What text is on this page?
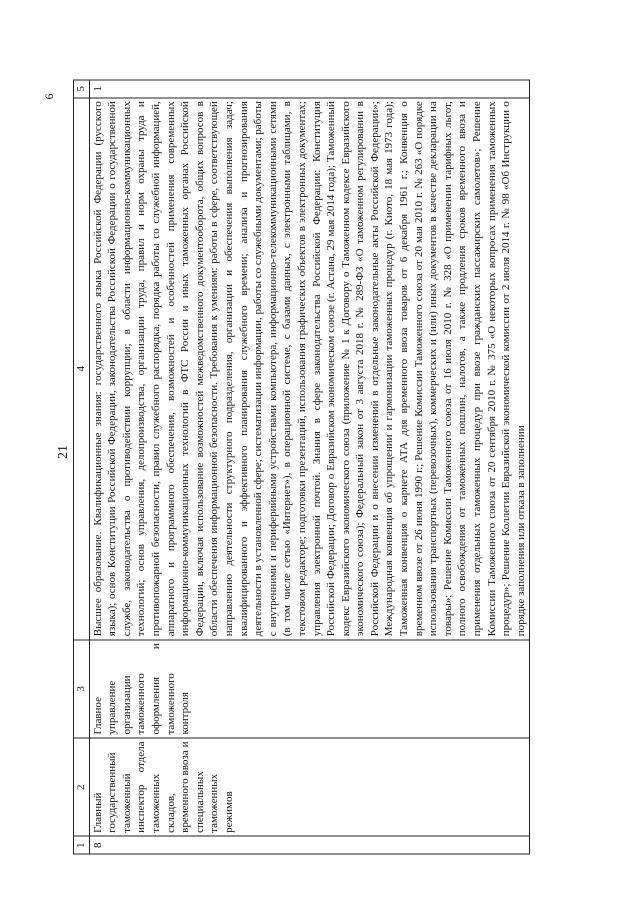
21
6
1	2	3	4	5
8	Главный государственный таможенный инспектор отдела таможенных складов, временного ввоза и специальных таможенных режимов	Главное управление организации таможенного оформления и таможенного контроля	Высшее образование. Квалификационные знания: государственного языка Российской Федерации (русского языка); основ Конституции Российской Федерации, законодательства Российской Федерации о государственной службе, законодательства о противодействии коррупции; в области информационно-коммуникационных технологий; основ управления, делопроизводства, организации труда, правил и норм охраны труда и противопожарной безопасности, правил служебного распорядка, порядка работы со служебной информацией, аппаратного и программного обеспечения, возможностей и особенностей применения современных информационно-коммуникационных технологий в ФТС России и иных таможенных органах Российской Федерации, включая использование возможностей межведомственного документооборота, общих вопросов в области обеспечения информационной безопасности. Требования к умениям: работы в сфере, соответствующей направлению деятельности структурного подразделения, организации и обеспечения выполнения задач; квалифицированного и эффективного планирования служебного времени; анализа и прогнозирования деятельности в установленной сфере; систематизации информации, работы со служебными документами; работы с внутренними и периферийными устройствами компьютера, информационно-телекоммуникационными сетями (в том числе сетью «Интернет»), в операционной системе, с базами данных, с электронными таблицами, в текстовом редакторе; подготовки презентаций, использования графических объектов в электронных документах; управления электронной почтой. Знания в сфере законодательства Российской Федерации: Конституция Российской Федерации; Договор о Евразийском экономическом союзе (г. Астана, 29 мая 2014 года); Таможенный кодекс Евразийского экономического союза (приложение № 1 к Договору о Таможенном кодексе Евразийского экономического союза); Федеральный закон от 3 августа 2018 г. № 289-ФЗ «О таможенном регулировании в Российской Федерации и о внесении изменений в отдельные законодательные акты Российской Федерации»; Международная конвенция об упрощении и гармонизации таможенных процедур (г. Киото, 18 мая 1973 года); Таможенная конвенция о карнете АТА для временного ввоза товаров от 6 декабря 1961 г.; Конвенция о временном ввозе от 26 июня 1990 г.; Решение Комиссии Таможенного союза от 20 мая 2010 г. № 263 «О порядке использования транспортных (перевозочных), коммерческих и (или) иных документов в качестве декларации на товары»; Решение Комиссии Таможенного союза от 16 июля 2010 г. № 328 «О применении тарифных льгот, полного освобождения от таможенных пошлин, налогов, а также продления сроков временного ввоза и применения отдельных таможенных процедур при ввозе гражданских пассажирских самолетов»; Решение Комиссии Таможенного союза от 20 сентября 2010 г. № 375 «О некоторых вопросах применения таможенных процедур»; Решение Коллегии Евразийской экономической комиссии от 2 июля 2014 г. № 98 «Об Инструкции о порядке заполнения или отказа в заполнении	1
